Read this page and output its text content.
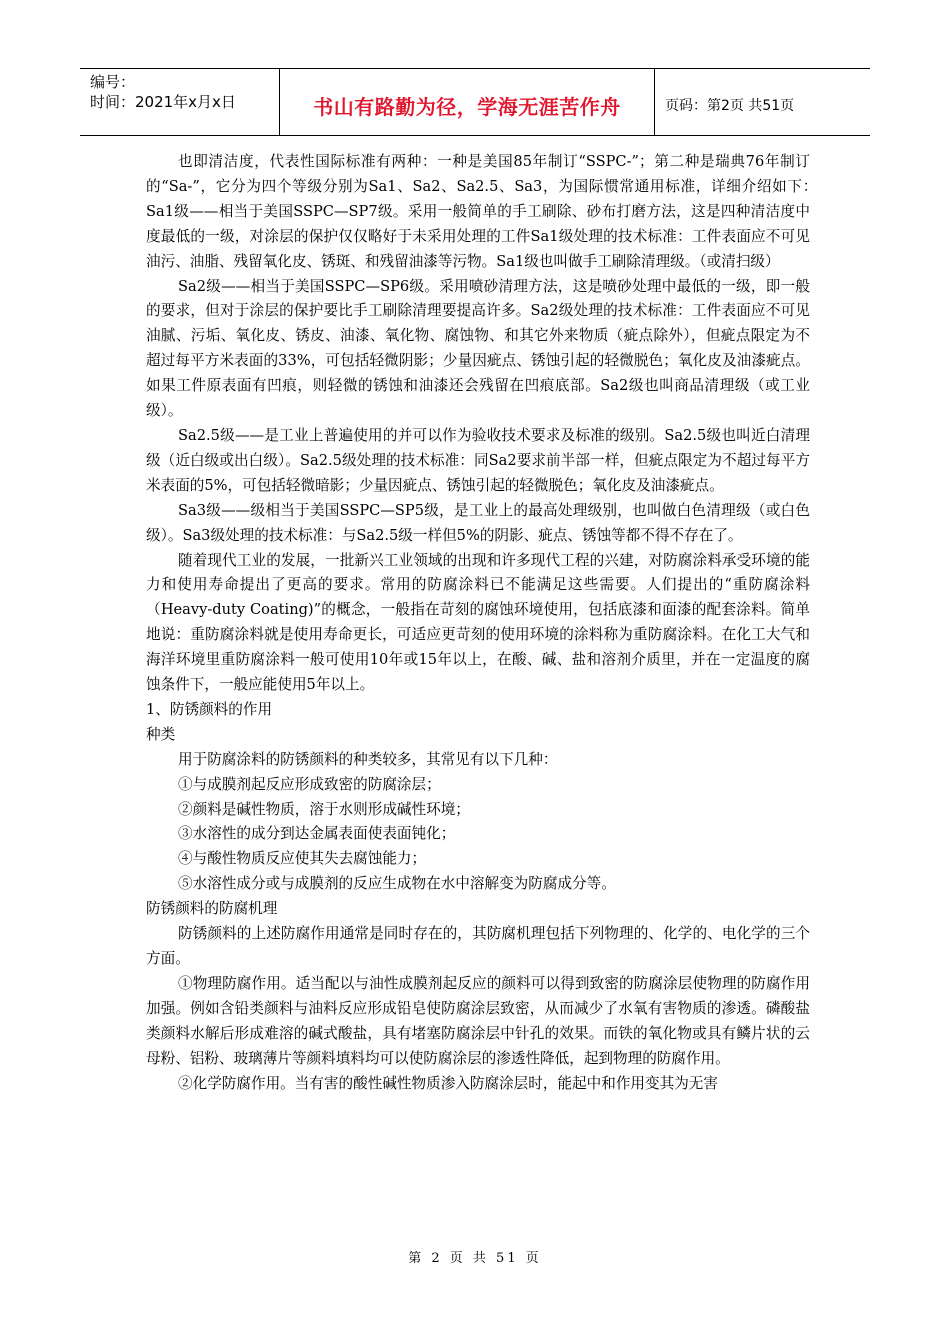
编号：
时间：2021年x月x日	书山有路勤为径，学海无涯苦作舟	页码：第2页 共51页

也即清洁度，代表性国际标准有两种：一种是美国85年制订“SSPC-”；第二种是瑞典76年制订的“Sa-”，它分为四个等级分别为Sa1、Sa2、Sa2.5、Sa3，为国际惯常通用标准，详细介绍如下：　　Sa1级——相当于美国SSPC—SP7级。采用一般简单的手工刷除、砂布打磨方法，这是四种清洁度中度最低的一级，对涂层的保护仅仅略好于未采用处理的工件Sa1级处理的技术标准：工件表面应不可见油污、油脂、残留氧化皮、锈斑、和残留油漆等污物。Sa1级也叫做手工刷除清理级。（或清扫级）

Sa2级——相当于美国SSPC—SP6级。采用喷砂清理方法，这是喷砂处理中最低的一级，即一般的要求，但对于涂层的保护要比手工刷除清理要提高许多。Sa2级处理的技术标准：工件表面应不可见油腻、污垢、氧化皮、锈皮、油漆、氧化物、腐蚀物、和其它外来物质（疵点除外），但疵点限定为不超过每平方米表面的33%，可包括轻微阴影；少量因疵点、锈蚀引起的轻微脱色；氧化皮及油漆疵点。如果工件原表面有凹痕，则轻微的锈蚀和油漆还会残留在凹痕底部。Sa2级也叫商品清理级（或工业级）。

Sa2.5级——是工业上普遍使用的并可以作为验收技术要求及标准的级别。Sa2.5级也叫近白清理级（近白级或出白级）。Sa2.5级处理的技术标准：同Sa2要求前半部一样，但疵点限定为不超过每平方米表面的5%，可包括轻微暗影；少量因疵点、锈蚀引起的轻微脱色；氧化皮及油漆疵点。

Sa3级——级相当于美国SSPC—SP5级，是工业上的最高处理级别，也叫做白色清理级（或白色级）。Sa3级处理的技术标准：与Sa2.5级一样但5%的阴影、疵点、锈蚀等都不得不存在了。

随着现代工业的发展，一批新兴工业领域的出现和许多现代工程的兴建，对防腐涂料承受环境的能力和使用寿命提出了更高的要求。常用的防腐涂料已不能满足这些需要。人们提出的“重防腐涂料（Heavy-duty Coating)”的概念，一般指在苛刻的腐蚀环境使用，包括底漆和面漆的配套涂料。简单地说：重防腐涂料就是使用寿命更长，可适应更苛刻的使用环境的涂料称为重防腐涂料。在化工大气和海洋环境里重防腐涂料一般可使用10年或15年以上，在酸、碱、盐和溶剂介质里，并在一定温度的腐蚀条件下，一般应能使用5年以上。

1、防锈颜料的作用

种类

用于防腐涂料的防锈颜料的种类较多，其常见有以下几种：

①与成膜剂起反应形成致密的防腐涂层；

②颜料是碱性物质，溶于水则形成碱性环境；

③水溶性的成分到达金属表面使表面钝化；

④与酸性物质反应使其失去腐蚀能力；

⑤水溶性成分或与成膜剂的反应生成物在水中溶解变为防腐成分等。

防锈颜料的防腐机理

防锈颜料的上述防腐作用通常是同时存在的，其防腐机理包括下列物理的、化学的、电化学的三个方面。

①物理防腐作用。适当配以与油性成膜剂起反应的颜料可以得到致密的防腐涂层使物理的防腐作用加强。例如含铅类颜料与油料反应形成铅皂使防腐涂层致密，从而减少了水氧有害物质的渗透。磷酸盐类颜料水解后形成难溶的碱式酸盐，具有堵塞防腐涂层中针孔的效果。而铁的氧化物或具有鳞片状的云母粉、铝粉、玻璃薄片等颜料填料均可以使防腐涂层的渗透性降低，起到物理的防腐作用。

②化学防腐作用。当有害的酸性碱性物质渗入防腐涂层时，能起中和作用变其为无害

第 2 页 共 51 页
